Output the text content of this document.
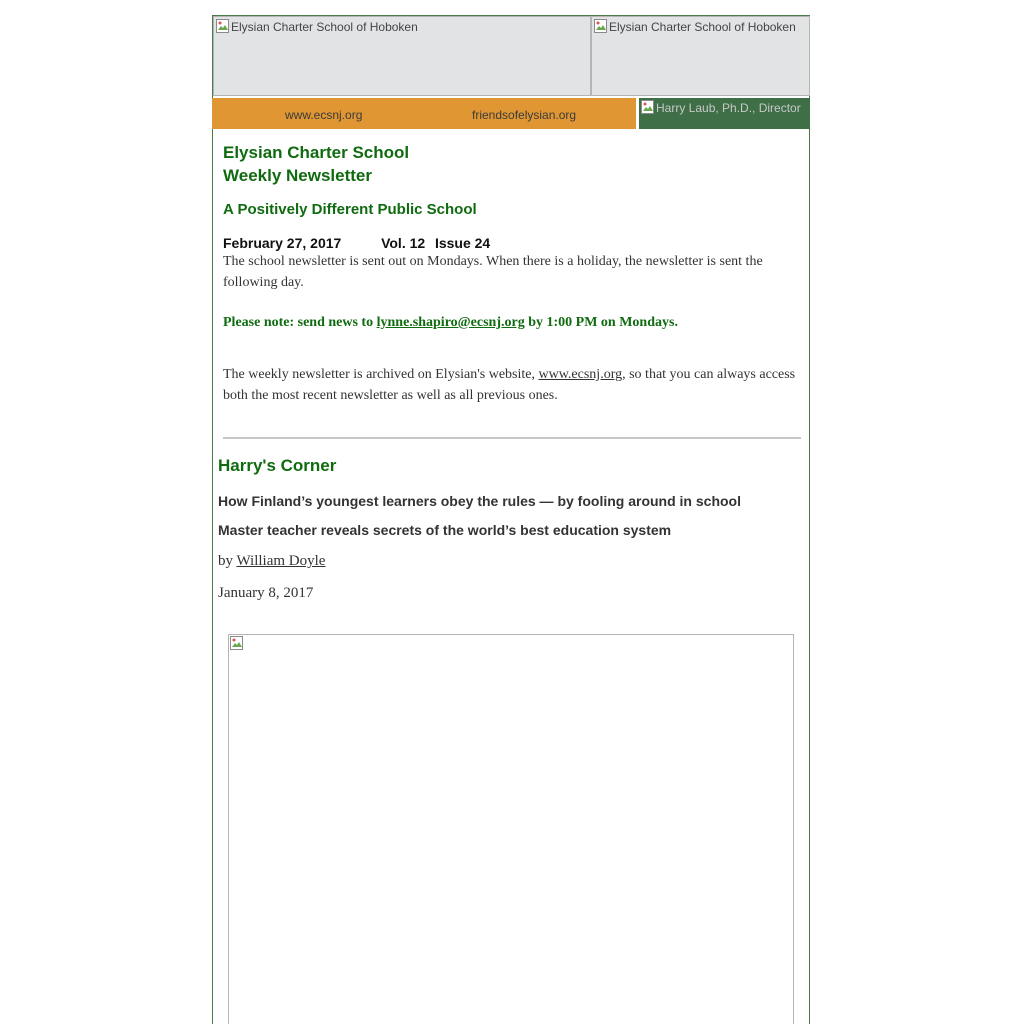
Elysian Charter School of Hoboken	Elysian Charter School of Hoboken
www.ecsnj.org	friendsofelysian.org	Harry Laub, Ph.D., Director
Elysian Charter School
Weekly Newsletter
A Positively Different Public School
February 27, 2017	Vol. 12 Issue 24
The school newsletter is sent out on Mondays. When there is a holiday, the newsletter is sent the following day.
Please note: send news to lynne.shapiro@ecsnj.org by 1:00 PM on Mondays.
The weekly newsletter is archived on Elysian's website, www.ecsnj.org, so that you can always access both the most recent newsletter as well as all previous ones.
Harry's Corner
How Finland’s youngest learners obey the rules — by fooling around in school
Master teacher reveals secrets of the world’s best education system
by William Doyle
January 8, 2017
